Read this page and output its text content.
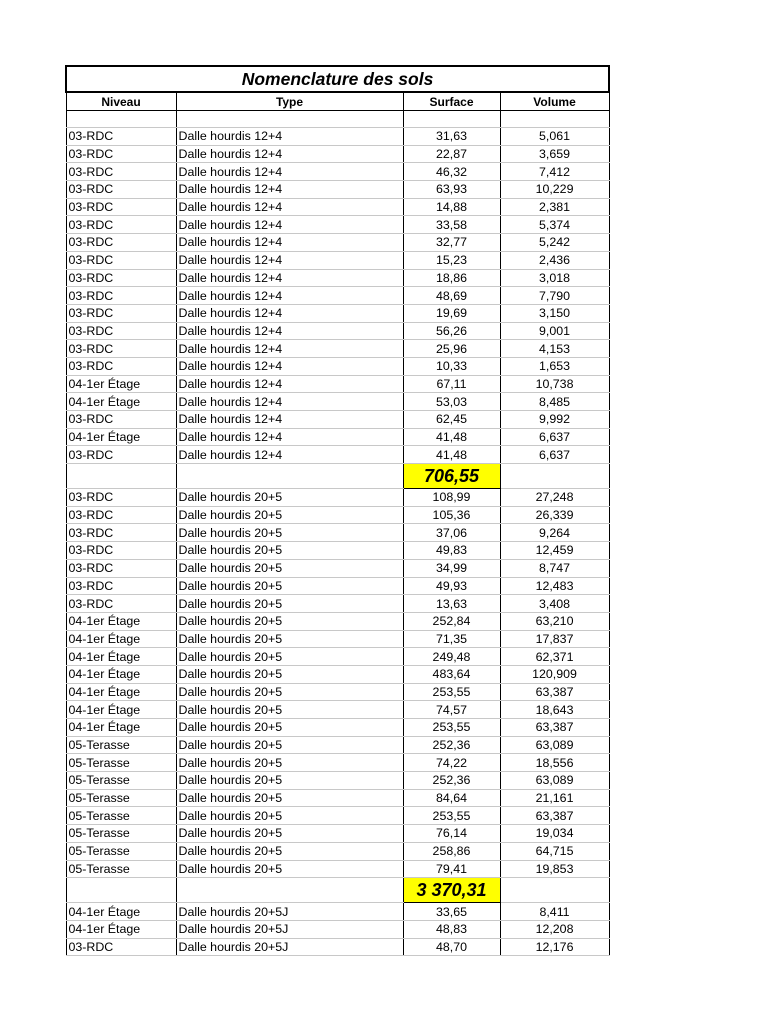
Nomenclature des sols			
Niveau	Type	Surface	Volume

03-RDC	Dalle hourdis 12+4	31,63	5,061
03-RDC	Dalle hourdis 12+4	22,87	3,659
03-RDC	Dalle hourdis 12+4	46,32	7,412
03-RDC	Dalle hourdis 12+4	63,93	10,229
03-RDC	Dalle hourdis 12+4	14,88	2,381
03-RDC	Dalle hourdis 12+4	33,58	5,374
03-RDC	Dalle hourdis 12+4	32,77	5,242
03-RDC	Dalle hourdis 12+4	15,23	2,436
03-RDC	Dalle hourdis 12+4	18,86	3,018
03-RDC	Dalle hourdis 12+4	48,69	7,790
03-RDC	Dalle hourdis 12+4	19,69	3,150
03-RDC	Dalle hourdis 12+4	56,26	9,001
03-RDC	Dalle hourdis 12+4	25,96	4,153
03-RDC	Dalle hourdis 12+4	10,33	1,653
04-1er Étage	Dalle hourdis 12+4	67,11	10,738
04-1er Étage	Dalle hourdis 12+4	53,03	8,485
03-RDC	Dalle hourdis 12+4	62,45	9,992
04-1er Étage	Dalle hourdis 12+4	41,48	6,637
03-RDC	Dalle hourdis 12+4	41,48	6,637
		706,55	
03-RDC	Dalle hourdis 20+5	108,99	27,248
03-RDC	Dalle hourdis 20+5	105,36	26,339
03-RDC	Dalle hourdis 20+5	37,06	9,264
03-RDC	Dalle hourdis 20+5	49,83	12,459
03-RDC	Dalle hourdis 20+5	34,99	8,747
03-RDC	Dalle hourdis 20+5	49,93	12,483
03-RDC	Dalle hourdis 20+5	13,63	3,408
04-1er Étage	Dalle hourdis 20+5	252,84	63,210
04-1er Étage	Dalle hourdis 20+5	71,35	17,837
04-1er Étage	Dalle hourdis 20+5	249,48	62,371
04-1er Étage	Dalle hourdis 20+5	483,64	120,909
04-1er Étage	Dalle hourdis 20+5	253,55	63,387
04-1er Étage	Dalle hourdis 20+5	74,57	18,643
04-1er Étage	Dalle hourdis 20+5	253,55	63,387
05-Terasse	Dalle hourdis 20+5	252,36	63,089
05-Terasse	Dalle hourdis 20+5	74,22	18,556
05-Terasse	Dalle hourdis 20+5	252,36	63,089
05-Terasse	Dalle hourdis 20+5	84,64	21,161
05-Terasse	Dalle hourdis 20+5	253,55	63,387
05-Terasse	Dalle hourdis 20+5	76,14	19,034
05-Terasse	Dalle hourdis 20+5	258,86	64,715
05-Terasse	Dalle hourdis 20+5	79,41	19,853
		3 370,31	
04-1er Étage	Dalle hourdis 20+5J	33,65	8,411
04-1er Étage	Dalle hourdis 20+5J	48,83	12,208
03-RDC	Dalle hourdis 20+5J	48,70	12,176
